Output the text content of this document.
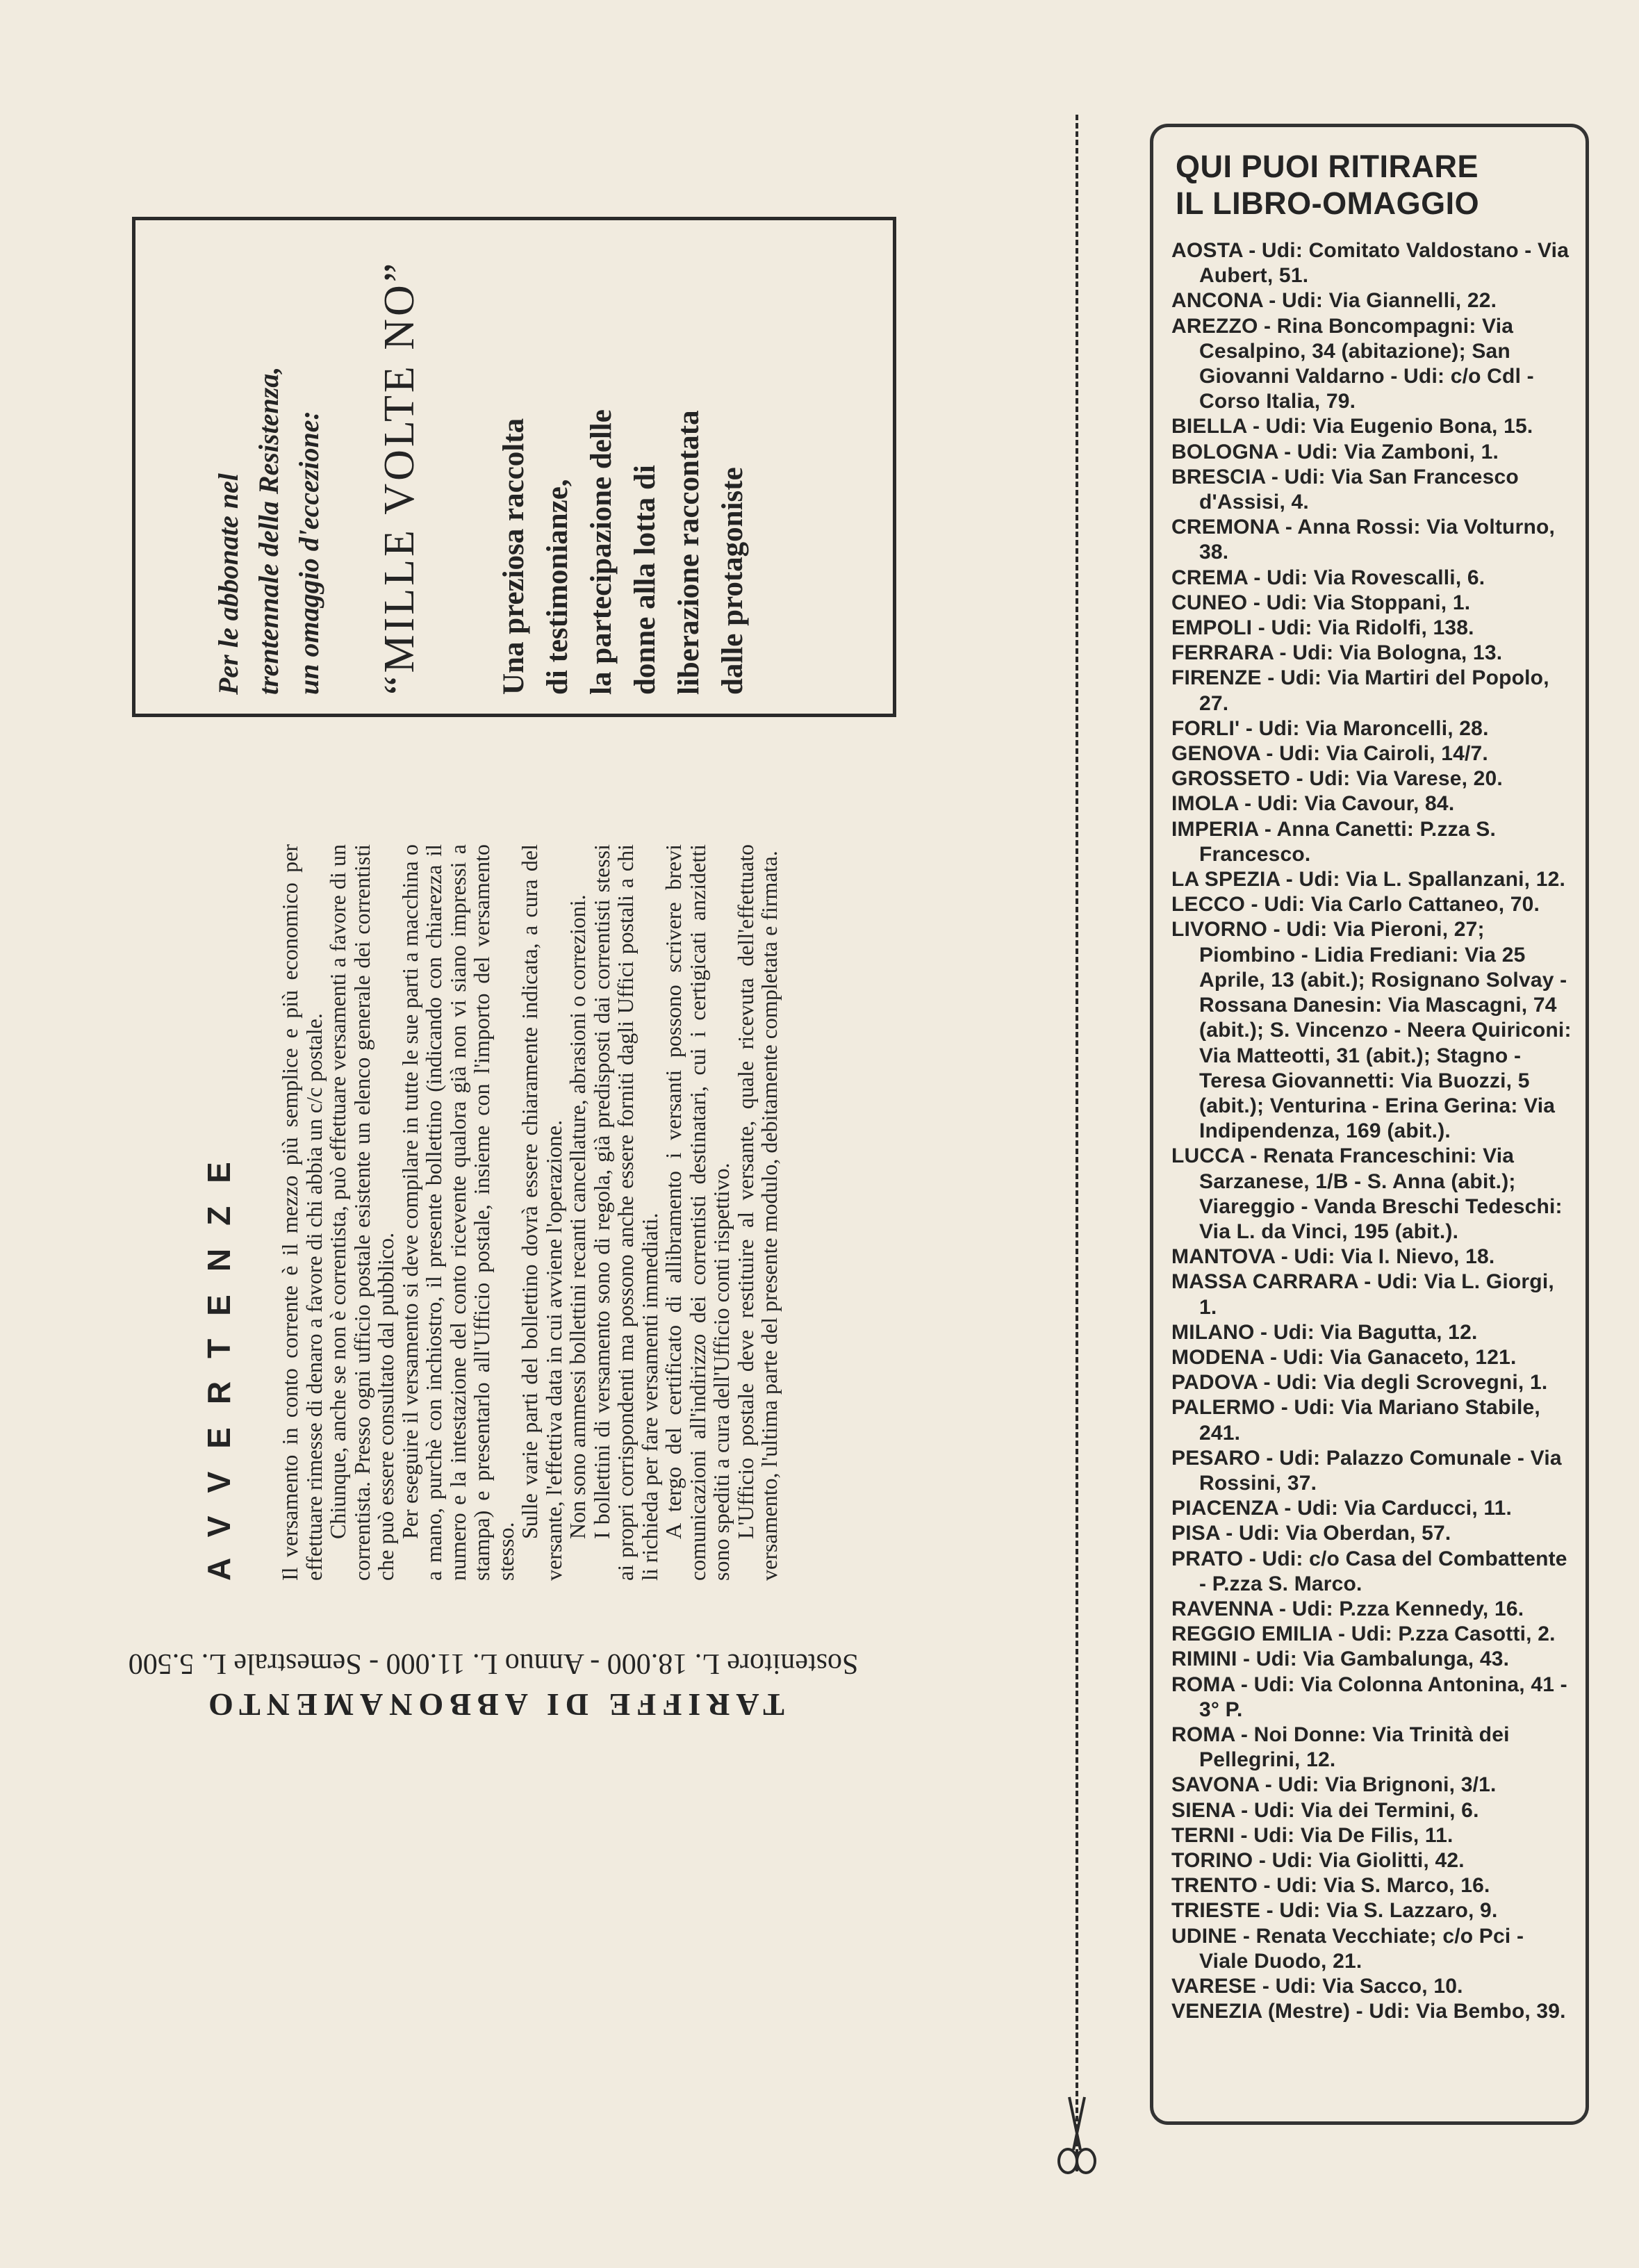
Per le abbonate nel trentennale della Resistenza, un omaggio d'eccezione: “MILLE VOLTE NO” Una preziosa raccolta di testimonianze, la partecipazione delle donne alla lotta di liberazione raccontata dalle protagoniste

AVVERTENZE Il versamento in conto corrente è il mezzo più semplice e più economico per effettuare rimesse di denaro a favore di chi abbia un c/c postale.

Chiunque, anche se non è correntista, può effettuare versamenti a favore di un correntista. Presso ogni ufficio postale esistente un elenco generale dei correntisti che può essere consultato dal pubblico.

Per eseguire il versamento si deve compilare in tutte le sue parti a macchina o a mano, purchè con inchiostro, il presente bollettino (indicando con chiarezza il numero e la intestazione del conto ricevente qualora già non vi siano impressi a stampa) e presentarlo all'Ufficio postale, insieme con l'importo del versamento stesso.

Sulle varie parti del bollettino dovrà essere chiaramente indicata, a cura del versante, l'effettiva data in cui avviene l'operazione.

Non sono ammessi bollettini recanti cancellature, abrasioni o correzioni.

I bollettini di versamento sono di regola, già predisposti dai correntisti stessi ai propri corrispondenti ma possono anche essere forniti dagli Uffici postali a chi li richieda per fare versamenti immediati.

A tergo del certificato di allibramento i versanti possono scrivere brevi comunicazioni all'indirizzo dei correntisti destinatari, cui i certigicati anzidetti sono spediti a cura dell'Ufficio conti rispettivo.

L'Ufficio postale deve restituire al versante, quale ricevuta dell'effettuato versamento, l'ultima parte del presente modulo, debitamente completata e firmata.

TARIFFE DI ABBONAMENTO
Sostenitore L. 18.000 - Annuo L. 11.000 - Semestrale L. 5.500
QUI PUOI RITIRARE
IL LIBRO-OMAGGIO
AOSTA - Udi: Comitato Valdostano - Via Aubert, 51.
ANCONA - Udi: Via Giannelli, 22.
AREZZO - Rina Boncompagni: Via Cesalpino, 34 (abitazione); San Giovanni Valdarno - Udi: c/o Cdl - Corso Italia, 79.
BIELLA - Udi: Via Eugenio Bona, 15.
BOLOGNA - Udi: Via Zamboni, 1.
BRESCIA - Udi: Via San Francesco d'Assisi, 4.
CREMONA - Anna Rossi: Via Volturno, 38.
CREMA - Udi: Via Rovescalli, 6.
CUNEO - Udi: Via Stoppani, 1.
EMPOLI - Udi: Via Ridolfi, 138.
FERRARA - Udi: Via Bologna, 13.
FIRENZE - Udi: Via Martiri del Popolo, 27.
FORLI' - Udi: Via Maroncelli, 28.
GENOVA - Udi: Via Cairoli, 14/7.
GROSSETO - Udi: Via Varese, 20.
IMOLA - Udi: Via Cavour, 84.
IMPERIA - Anna Canetti: P.zza S. Francesco.
LA SPEZIA - Udi: Via L. Spallanzani, 12.
LECCO - Udi: Via Carlo Cattaneo, 70.
LIVORNO - Udi: Via Pieroni, 27; Piombino - Lidia Frediani: Via 25 Aprile, 13 (abit.); Rosignano Solvay - Rossana Danesin: Via Mascagni, 74 (abit.); S. Vincenzo - Neera Quiriconi: Via Matteotti, 31 (abit.); Stagno - Teresa Giovannetti: Via Buozzi, 5 (abit.); Venturina - Erina Gerina: Via Indipendenza, 169 (abit.).
LUCCA - Renata Franceschini: Via Sarzanese, 1/B - S. Anna (abit.); Viareggio - Vanda Breschi Tedeschi: Via L. da Vinci, 195 (abit.).
MANTOVA - Udi: Via I. Nievo, 18.
MASSA CARRARA - Udi: Via L. Giorgi, 1.
MILANO - Udi: Via Bagutta, 12.
MODENA - Udi: Via Ganaceto, 121.
PADOVA - Udi: Via degli Scrovegni, 1.
PALERMO - Udi: Via Mariano Stabile, 241.
PESARO - Udi: Palazzo Comunale - Via Rossini, 37.
PIACENZA - Udi: Via Carducci, 11.
PISA - Udi: Via Oberdan, 57.
PRATO - Udi: c/o Casa del Combattente - P.zza S. Marco.
RAVENNA - Udi: P.zza Kennedy, 16.
REGGIO EMILIA - Udi: P.zza Casotti, 2.
RIMINI - Udi: Via Gambalunga, 43.
ROMA - Udi: Via Colonna Antonina, 41 - 3° P.
ROMA - Noi Donne: Via Trinità dei Pellegrini, 12.
SAVONA - Udi: Via Brignoni, 3/1.
SIENA - Udi: Via dei Termini, 6.
TERNI - Udi: Via De Filis, 11.
TORINO - Udi: Via Giolitti, 42.
TRENTO - Udi: Via S. Marco, 16.
TRIESTE - Udi: Via S. Lazzaro, 9.
UDINE - Renata Vecchiate; c/o Pci - Viale Duodo, 21.
VARESE - Udi: Via Sacco, 10.
VENEZIA (Mestre) - Udi: Via Bembo, 39.
